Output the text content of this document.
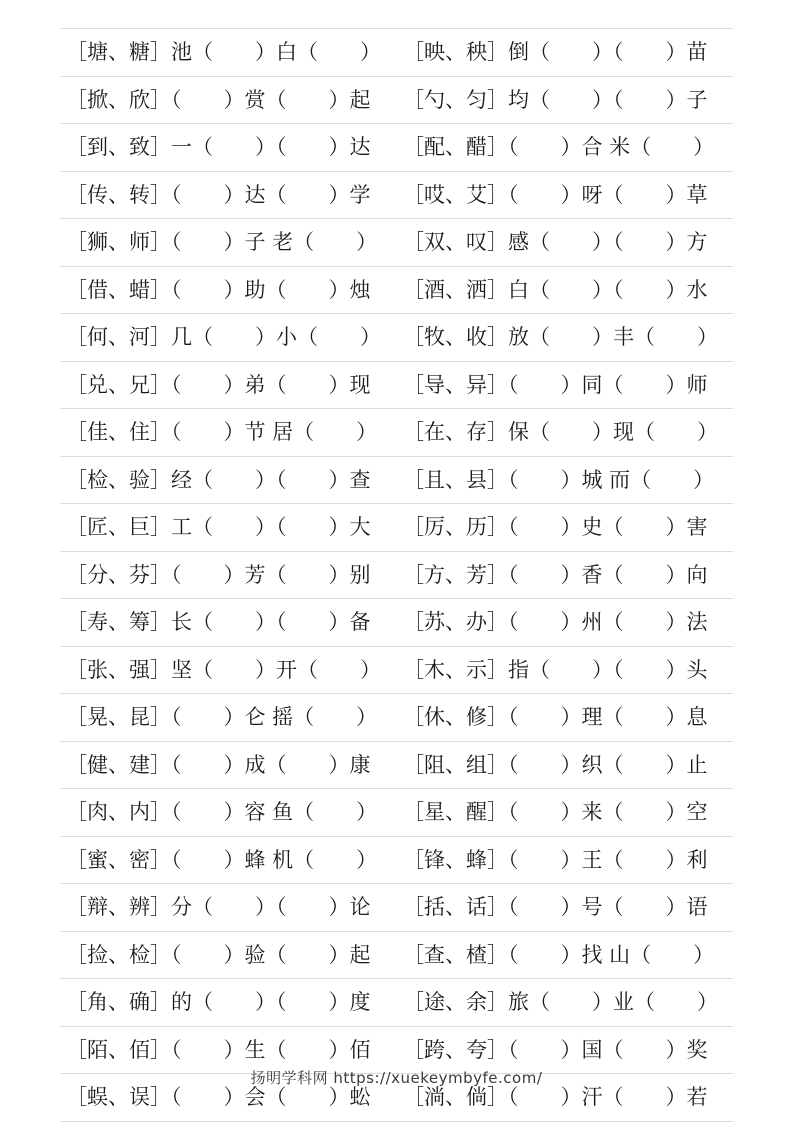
［塘、糖］池（　　）白（　　） ［映、秧］倒（　　）（　　）苗
［掀、欣］（　　）赏（　　）起 ［勺、匀］均（　　）（　　）子
［到、致］一（　　）（　　）达 ［配、醋］（　　）合 米（　　）
［传、转］（　　）达（　　）学 ［哎、艾］（　　）呀（　　）草
［狮、师］（　　）子 老（　　） ［双、叹］感（　　）（　　）方
［借、蜡］（　　）助（　　）烛 ［酒、洒］白（　　）（　　）水
［何、河］几（　　）小（　　） ［牧、收］放（　　）丰（　　）
［兑、兄］（　　）弟（　　）现 ［导、异］（　　）同（　　）师
［佳、住］（　　）节 居（　　） ［在、存］保（　　）现（　　）
［检、验］经（　　）（　　）查 ［且、县］（　　）城 而（　　）
［匠、巨］工（　　）（　　）大 ［厉、历］（　　）史（　　）害
［分、芬］（　　）芳（　　）别 ［方、芳］（　　）香（　　）向
［寿、筹］长（　　）（　　）备 ［苏、办］（　　）州（　　）法
［张、强］坚（　　）开（　　） ［木、示］指（　　）（　　）头
［晃、昆］（　　）仑 摇（　　） ［休、修］（　　）理（　　）息
［健、建］（　　）成（　　）康 ［阻、组］（　　）织（　　）止
［肉、内］（　　）容 鱼（　　） ［星、醒］（　　）来（　　）空
［蜜、密］（　　）蜂 机（　　） ［锋、蜂］（　　）王（　　）利
［辩、辨］分（　　）（　　）论 ［括、话］（　　）号（　　）语
［捡、检］（　　）验（　　）起 ［查、楂］（　　）找 山（　　）
［角、确］的（　　）（　　）度 ［途、余］旅（　　）业（　　）
［陌、佰］（　　）生（　　）佰 ［跨、夸］（　　）国（　　）奖
［蜈、误］（　　）会（　　）蚣 ［淌、倘］（　　）汗（　　）若
扬明学科网 https://xuekeymbyfe.com/
